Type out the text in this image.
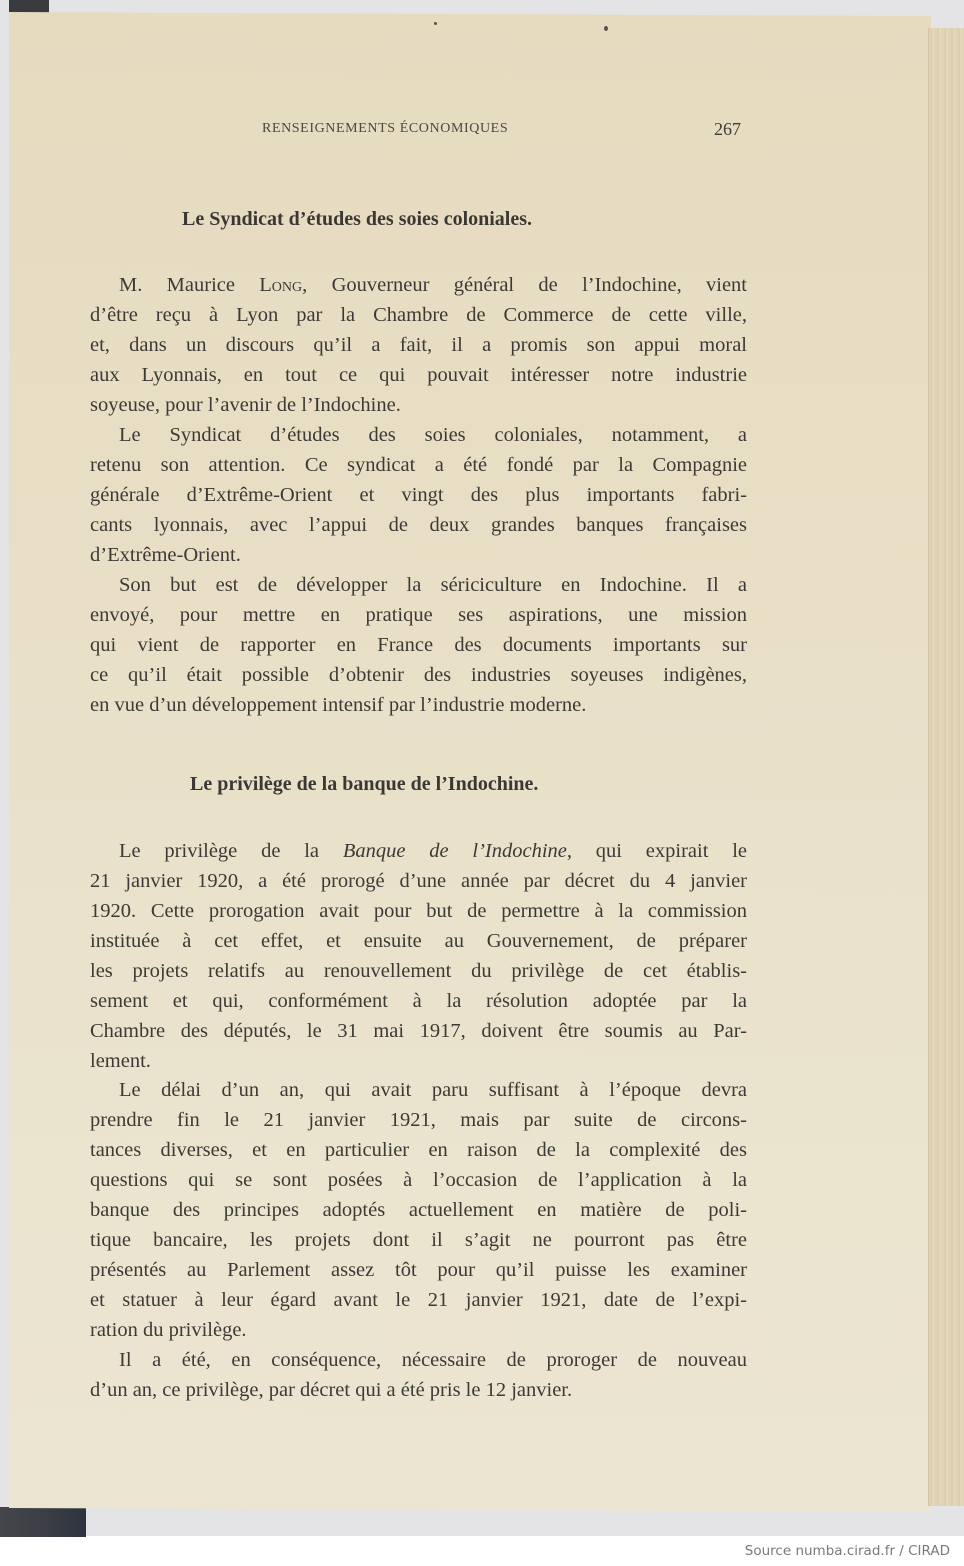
RENSEIGNEMENTS ÉCONOMIQUES	267
Le Syndicat d’études des soies coloniales.
M. Maurice Long, Gouverneur général de l’Indochine, vient
d’être reçu à Lyon par la Chambre de Commerce de cette ville,
et, dans un discours qu’il a fait, il a promis son appui moral
aux Lyonnais, en tout ce qui pouvait intéresser notre industrie
soyeuse, pour l’avenir de l’Indochine.
Le Syndicat d’études des soies coloniales, notamment, a
retenu son attention. Ce syndicat a été fondé par la Compagnie
générale d’Extrême-Orient et vingt des plus importants fabri-
cants lyonnais, avec l’appui de deux grandes banques françaises
d’Extrême-Orient.
Son but est de développer la sériciculture en Indochine. Il a
envoyé, pour mettre en pratique ses aspirations, une mission
qui vient de rapporter en France des documents importants sur
ce qu’il était possible d’obtenir des industries soyeuses indigènes,
en vue d’un développement intensif par l’industrie moderne.
Le privilège de la banque de l’Indochine.
Le privilège de la Banque de l’Indochine, qui expirait le
21 janvier 1920, a été prorogé d’une année par décret du 4 janvier
1920. Cette prorogation avait pour but de permettre à la commission
instituée à cet effet, et ensuite au Gouvernement, de préparer
les projets relatifs au renouvellement du privilège de cet établis-
sement et qui, conformément à la résolution adoptée par la
Chambre des députés, le 31 mai 1917, doivent être soumis au Par-
lement.
Le délai d’un an, qui avait paru suffisant à l’époque devra
prendre fin le 21 janvier 1921, mais par suite de circons-
tances diverses, et en particulier en raison de la complexité des
questions qui se sont posées à l’occasion de l’application à la
banque des principes adoptés actuellement en matière de poli-
tique bancaire, les projets dont il s’agit ne pourront pas être
présentés au Parlement assez tôt pour qu’il puisse les examiner
et statuer à leur égard avant le 21 janvier 1921, date de l’expi-
ration du privilège.
Il a été, en conséquence, nécessaire de proroger de nouveau
d’un an, ce privilège, par décret qui a été pris le 12 janvier.
Source numba.cirad.fr / CIRAD
